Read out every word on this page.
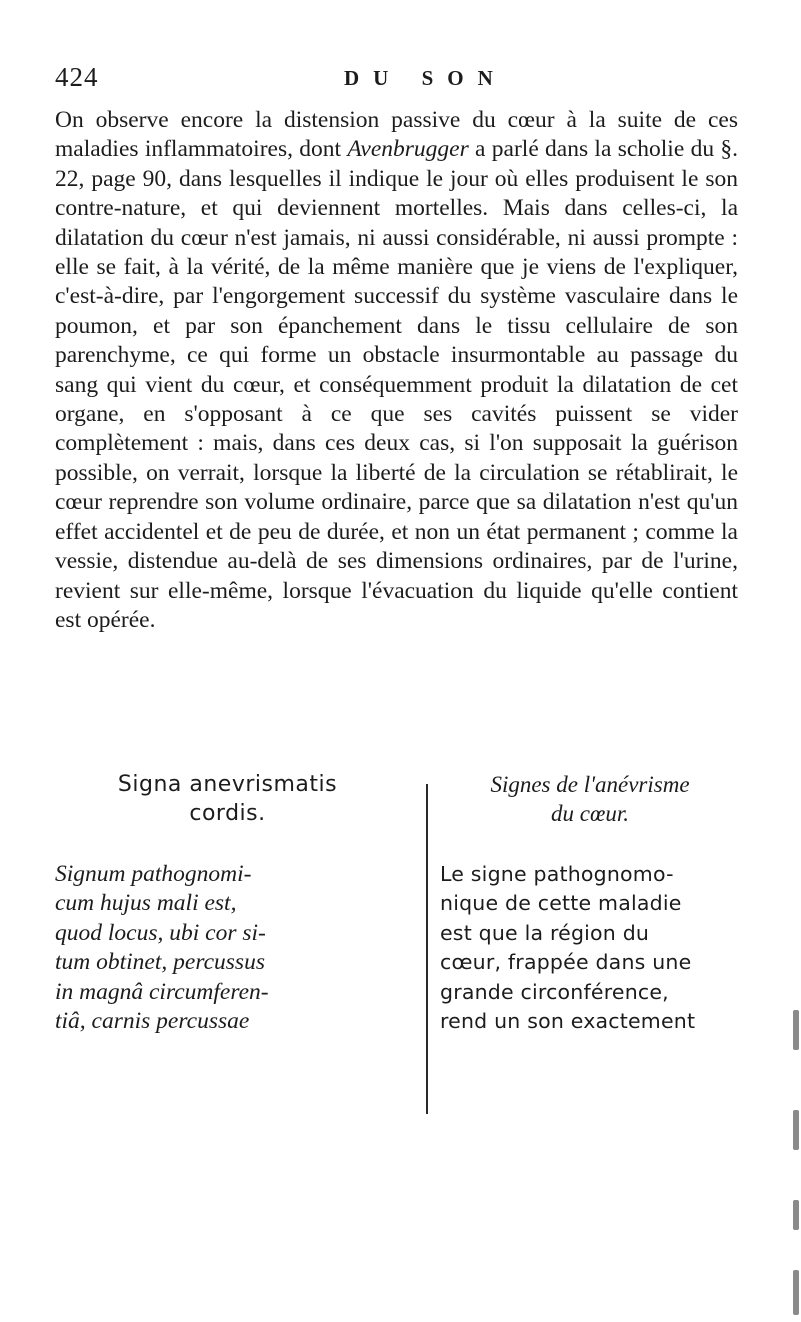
424	DU SON

On observe encore la distension passive du cœur à la suite de ces maladies inflammatoires, dont Avenbrugger a parlé dans la scholie du §. 22, page 90, dans lesquelles il indique le jour où elles produisent le son contre-nature, et qui deviennent mortelles. Mais dans celles-ci, la dilatation du cœur n'est jamais, ni aussi considérable, ni aussi prompte : elle se fait, à la vérité, de la même manière que je viens de l'expliquer, c'est-à-dire, par l'engorgement successif du système vasculaire dans le poumon, et par son épanchement dans le tissu cellulaire de son parenchyme, ce qui forme un obstacle insurmontable au passage du sang qui vient du cœur, et conséquemment produit la dilatation de cet organe, en s'opposant à ce que ses cavités puissent se vider complètement : mais, dans ces deux cas, si l'on supposait la guérison possible, on verrait, lorsque la liberté de la circulation se rétablirait, le cœur reprendre son volume ordinaire, parce que sa dilatation n'est qu'un effet accidentel et de peu de durée, et non un état permanent ; comme la vessie, distendue au-delà de ses dimensions ordinaires, par de l'urine, revient sur elle-même, lorsque l'évacuation du liquide qu'elle contient est opérée.

Signa anevrismatis

cordis.

Signum pathognomi-
cum hujus mali est,
quod locus, ubi cor si-
tum obtinet, percussus
in magnâ circumferen-
tiâ, carnis percussae

Signes de l'anévrisme

du cœur.

Le signe pathognomo-
nique de cette maladie
est que la région du
cœur, frappée dans une
grande circonférence,
rend un son exactement
